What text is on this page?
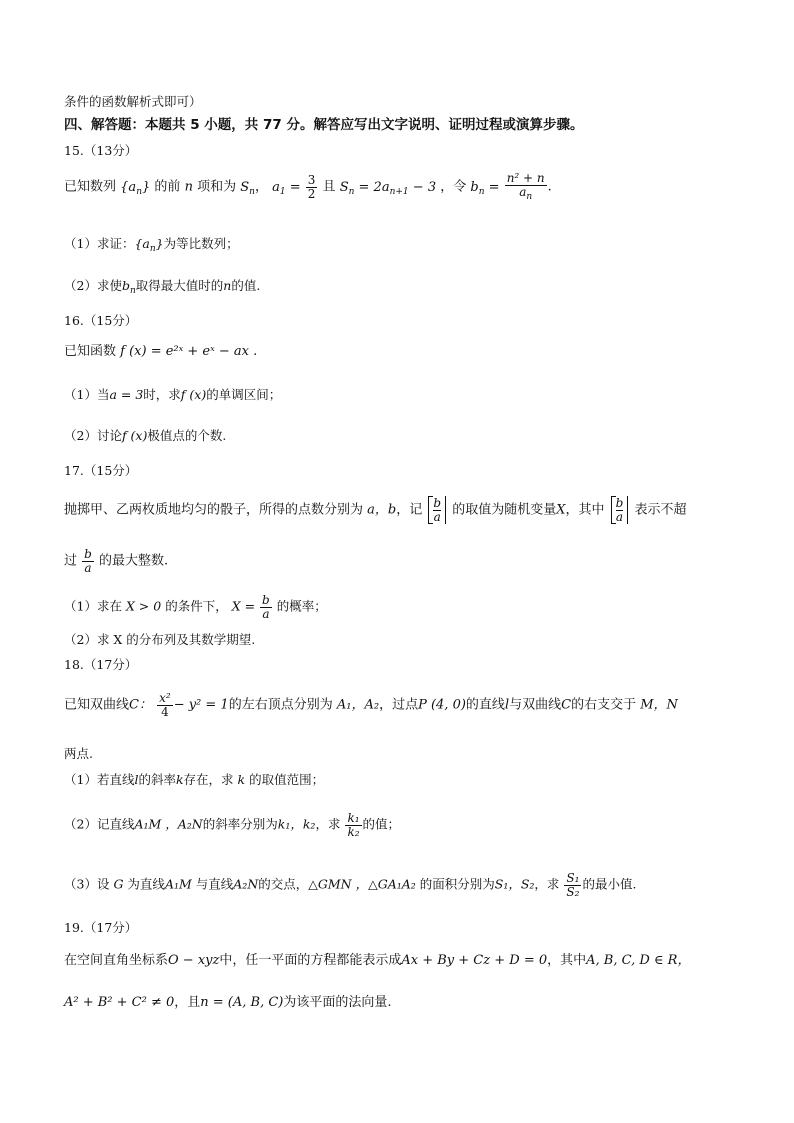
条件的函数解析式即可）
四、解答题：本题共 5 小题，共 77 分。解答应写出文字说明、证明过程或演算步骤。
15.（13分）
已知数列 $\{a_n\}$ 的前 n 项和为 $S_n$， $a_1 = \frac{3}{2}$ 且 $S_n = 2a_{n+1} - 3$ ，令 $b_n = \frac{\text{n² + n}}{a_n}$ .
（1）求证：$\{a_n\}$为等比数列；
（2）求使$b_n$取得最大值时的n的值.
16.（15分）
已知函数 f (x) = e²ˣ + eˣ − ax .
（1）当a = 3时，求f (x)的单调区间；
（2）讨论f (x)极值点的个数.
17.（15分）
抛掷甲、乙两枚质地均匀的骰子，所得的点数分别为 a，b，记 $\frac{b}{a}$ 的取值为随机变量X，其中 $\frac{b}{a}$ 表示不超
过 $\frac{b}{a}$ 的最大整数.
（1）求在 X > 0 的条件下， $X = \frac{b}{a}$ 的概率；
（2）求 X 的分布列及其数学期望.
18.（17分）
已知双曲线C： $\frac{\text{x²}}{4} - y^2 = 1$的左右顶点分别为 A₁，A₂，过点P (4, 0)的直线l与双曲线C的右支交于 M，N
两点.
（1）若直线l的斜率k存在，求 k 的取值范围；
（2）记直线A₁M ，A₂N的斜率分别为k₁，k₂，求 $\frac{\text{k₁}}{\text{k₂}}$ 的值；
（3）设 G 为直线A₁M 与直线A₂N的交点，△GMN ，△GA₁A₂ 的面积分别为S₁，S₂，求 $\frac{\text{S₁}}{\text{S₂}}$ 的最小值.
19.（17分）
在空间直角坐标系O − xyz中，任一平面的方程都能表示成Ax + By + Cz + D = 0，其中A, B, C, D ∈ R，
A² + B² + C² ≠ 0，且n = (A, B, C)为该平面的法向量.
